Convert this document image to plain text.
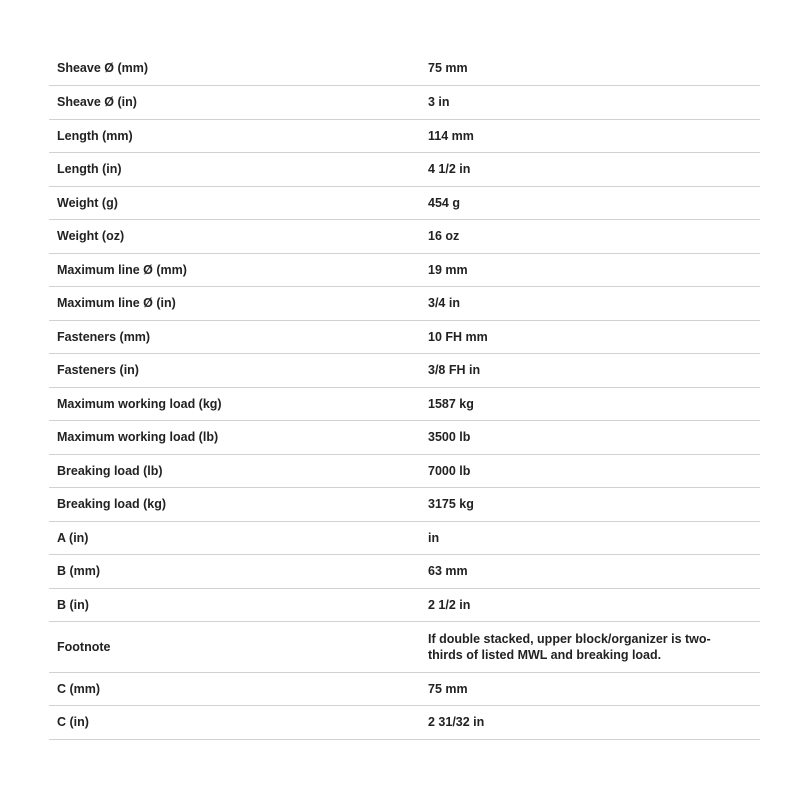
Sheave Ø (mm)	75 mm
Sheave Ø (in)	3 in
Length (mm)	114 mm
Length (in)	4 1/2 in
Weight (g)	454 g
Weight (oz)	16 oz
Maximum line Ø (mm)	19 mm
Maximum line Ø (in)	3/4 in
Fasteners (mm)	10 FH mm
Fasteners (in)	3/8 FH in
Maximum working load (kg)	1587 kg
Maximum working load (lb)	3500 lb
Breaking load (lb)	7000 lb
Breaking load (kg)	3175 kg
A (in)	in
B (mm)	63 mm
B (in)	2 1/2 in
Footnote	If double stacked, upper block/organizer is two-thirds of listed MWL and breaking load.
C (mm)	75 mm
C (in)	2 31/32 in
